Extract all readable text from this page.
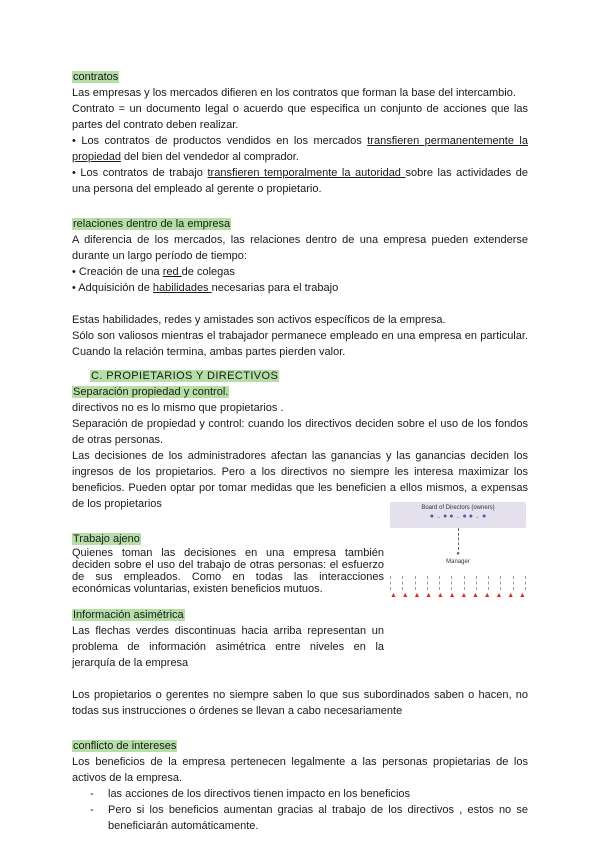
contratos

Las empresas y los mercados difieren en los contratos que forman la base del intercambio.

Contrato = un documento legal o acuerdo que especifica un conjunto de acciones que las partes del contrato deben realizar.

• Los contratos de productos vendidos en los mercados transfieren permanentemente la propiedad del bien del vendedor al comprador.

• Los contratos de trabajo transfieren temporalmente la autoridad sobre las actividades de una persona del empleado al gerente o propietario.

relaciones dentro de la empresa

A diferencia de los mercados, las relaciones dentro de una empresa pueden extenderse durante un largo período de tiempo:

• Creación de una red de colegas

• Adquisición de habilidades necesarias para el trabajo

Estas habilidades, redes y amistades son activos específicos de la empresa.

Sólo son valiosos mientras el trabajador permanece empleado en una empresa en particular. Cuando la relación termina, ambas partes pierden valor.

C. PROPIETARIOS Y DIRECTIVOS
Separación propiedad y control.

directivos no es lo mismo que propietarios .

Separación de propiedad y control: cuando los directivos deciden sobre el uso de los fondos de otras personas.

Las decisiones de los administradores afectan las ganancias y las ganancias deciden los ingresos de los propietarios. Pero a los directivos no siempre les interesa maximizar los beneficios. Pueden optar por tomar medidas que les beneficien a ellos mismos, a expensas de los propietarios

Trabajo ajeno

Quienes toman las decisiones en una empresa también deciden sobre el uso del trabajo de otras personas: el esfuerzo de sus empleados. Como en todas las interacciones económicas voluntarias, existen beneficios mutuos.

Información asimétrica

Las flechas verdes discontinuas hacia arriba representan un problema de información asimétrica entre niveles en la jerarquía de la empresa

Los propietarios o gerentes no siempre saben lo que sus subordinados saben o hacen, no todas sus instrucciones o órdenes se llevan a cabo necesariamente

conflicto de intereses

Los beneficios de la empresa pertenecen legalmente a las personas propietarias de los activos de la empresa.

- las acciones de los directivos tienen impacto en los beneficios
- Pero si los beneficios aumentan gracias al trabajo de los directivos , estos no se beneficiarán automáticamente.
Board of Directors (owners)
● ↔ ● ● ↔ ● ● ↔ ●
●
Manager
▲ ▲ ▲ ▲ ▲ ▲ ▲ ▲ ▲ ▲ ▲ ▲
